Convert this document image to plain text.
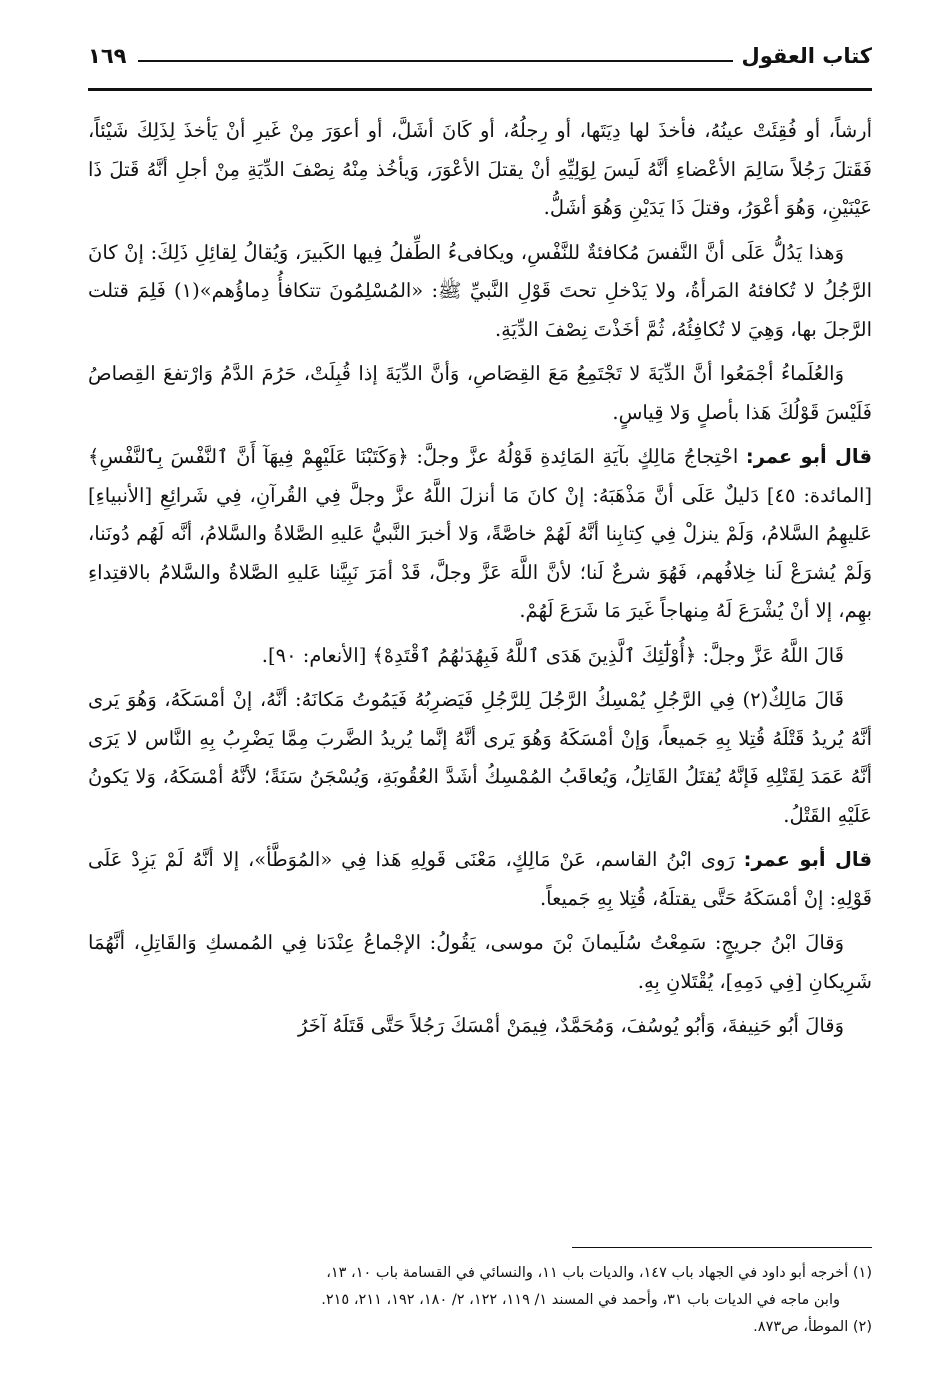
كتاب العقول
١٦٩

أرشاً، أو فُقِئَتْ عينُهُ، فأخذَ لها دِيَتَها، أو رِجلُهُ، أو كَانَ أشَلَّ، أو أعوَرَ مِنْ غَيرِ أنْ يَأخذَ لِذَلِكَ شَيْئاً، فَقَتلَ رَجُلاً سَالِمَ الأعْضاءِ أنَّهُ لَيسَ لِوَلِيِّهِ أنْ يقتلَ الأعْوَرَ، وَيأخُذ مِنْهُ نِصْفَ الدِّيَةِ مِنْ أجلِ أنَّهُ قَتلَ ذَا عَيْنَيْنِ، وَهُوَ أعْوَرُ، وقتلَ ذَا يَدَيْنِ وَهُوَ أشَلُّ.

وَهذا يَدُلُّ عَلَى أنَّ النَّفسَ مُكافئةٌ للنَّفْسِ، ويكافىءُ الطِّفلُ فِيها الكَبيرَ، وَيُقالُ لِقائِلِ ذَلِكَ: إنْ كانَ الرَّجُلُ لا تُكافئهُ المَرأةُ، ولا يَدْخلِ تحتَ قَوْلِ النَّبيِّ ﷺ: «المُسْلِمُونَ تتكافأُ دِماؤُهم»(١) فَلِمَ قتلت الرَّجلَ بها، وَهِيَ لا تُكافِئُهُ، ثُمَّ أخَذْتَ نِصْفَ الدِّيَةِ.

وَالعُلَماءُ أجْمَعُوا أنَّ الدِّيَةَ لا تَجْتَمِعُ مَعَ القِصَاصِ، وَأنَّ الدِّيَةَ إذا قُبِلَتْ، حَرُمَ الدَّمُ وَارْتفعَ القِصاصُ فَلَيْسَ قَوْلُكَ هَذا بأصلٍ وَلا قِياسٍ.

قال أبو عمر: احْتِجاجُ مَالِكٍ بآيَةِ المَائِدةِ قَوْلُهُ عزَّ وجلَّ: ﴿وَكَتَبْنَا عَلَيْهِمْ فِيهَآ أَنَّ ٱلنَّفْسَ بِٱلنَّفْسِ﴾ [المائدة: ٤٥] دَليلٌ عَلَى أنَّ مَذْهَبَهُ: إنْ كانَ مَا أنزلَ اللَّهُ عزَّ وجلَّ فِي القُرآنِ، فِي شَرائِعِ [الأنبياءِ] عَليهِمُ السَّلامُ، وَلَمْ ينزلْ فِي كِتابِنا أنَّهُ لَهُمْ خاصَّةً، وَلا أخبرَ النَّبيُّ عَليهِ الصَّلاةُ والسَّلامُ، أنَّه لَهُم دُونَنا، وَلَمْ يُشرَعْ لَنا خِلافُهم، فَهُوَ شرعٌ لَنا؛ لأنَّ اللَّهَ عَزَّ وجلَّ، قَدْ أمَرَ نَبِيَّنا عَليهِ الصَّلاةُ والسَّلامُ بالاقتِداءِ بهِم، إلا أنْ يُشْرَعَ لَهُ مِنهاجاً غَيرَ مَا شَرَعَ لَهُمْ.

قَالَ اللَّهُ عَزَّ وجلَّ: ﴿أُوْلَٰٓئِكَ ٱلَّذِينَ هَدَى ٱللَّهُ فَبِهُدَىٰهُمُ ٱقْتَدِهْ﴾ [الأنعام: ٩٠].

قَالَ مَالِكٌ(٢) فِي الرَّجُلِ يُمْسِكُ الرَّجُلَ لِلرَّجُلِ فَيَضرِبُهُ فَيَمُوتُ مَكانَهُ: أنَّهُ، إنْ أمْسَكَهُ، وَهُوَ يَرى أنَّهُ يُريدُ قَتْلَهُ قُتِلا بِهِ جَميعاً، وَإنْ أمْسَكَهُ وَهُوَ يَرى أنَّهُ إنَّما يُريدُ الضَّربَ مِمَّا يَضْرِبُ بِهِ النَّاس لا يَرَى أنَّهُ عَمَدَ لِقَتْلِهِ فَإنَّهُ يُقتَلُ القَاتِلُ، وَيُعاقَبُ المُمْسِكُ أشَدَّ العُقُوبَةِ، وَيُسْجَنُ سَنَةً؛ لأنَّهُ أمْسَكَهُ، وَلا يَكونُ عَلَيْهِ القَتْلُ.

قال أبو عمر: رَوى ابْنُ القاسم، عَنْ مَالِكٍ، مَعْنَى قَولِهِ هَذا فِي «المُوَطَّأ»، إلا أنَّهُ لَمْ يَزِدْ عَلَى قَوْلِهِ: إنْ أمْسَكَهُ حَتَّى يقتلَهُ، قُتِلا بِهِ جَميعاً.

وَقالَ ابْنُ جريجٍ: سَمِعْتُ سُلَيمانَ بْنَ موسى، يَقُولُ: الإجْماعُ عِنْدَنا فِي المُمسكِ وَالقَاتِلِ، أنَّهُمَا شَرِيكانِ [فِي دَمِهِ]، يُقْتَلانِ بِهِ.

وَقالَ أبُو حَنِيفةَ، وَأبُو يُوسُفَ، وَمُحَمَّدٌ، فِيمَنْ أمْسَكَ رَجُلاً حَتَّى قَتَلَهُ آخَرُ

(١) أخرجه أبو داود في الجهاد باب ١٤٧، والديات باب ١١، والنسائي في القسامة باب ١٠، ١٣،
وابن ماجه في الديات باب ٣١، وأحمد في المسند ١/ ١١٩، ١٢٢، ٢/ ١٨٠، ١٩٢، ٢١١، ٢١٥.
(٢) الموطأ، ص٨٧٣.
